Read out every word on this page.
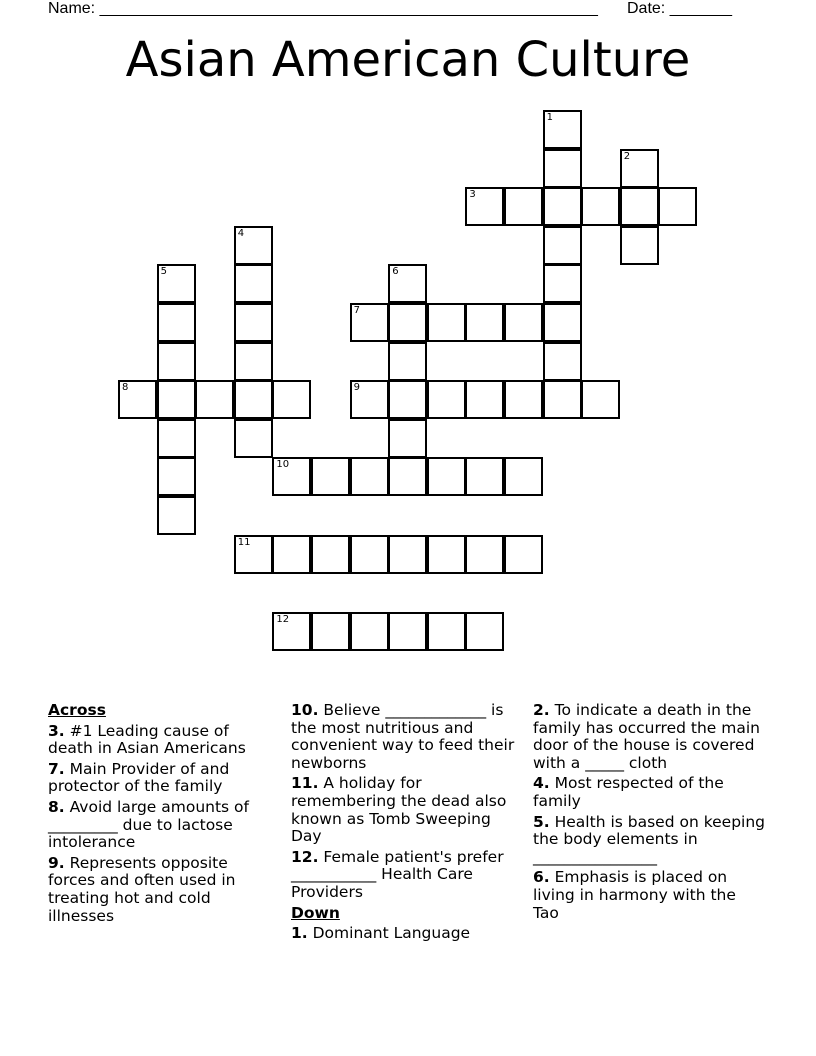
Name: ________________________________________________________ Date: _______
Asian American Culture
1
2
3
4
5	6
7
8	9
10
11
12
Across
3. #1 Leading cause of death in Asian Americans
7. Main Provider of and protector of the family
8. Avoid large amounts of _________ due to lactose intolerance
9. Represents opposite forces and often used in treating hot and cold illnesses
10. Believe _____________ is the most nutritious and convenient way to feed their newborns
11. A holiday for remembering the dead also known as Tomb Sweeping Day
12. Female patient's prefer ___________ Health Care Providers
Down
1. Dominant Language
2. To indicate a death in the family has occurred the main door of the house is covered with a _____ cloth
4. Most respected of the family
5. Health is based on keeping the body elements in ________________
6. Emphasis is placed on living in harmony with the Tao
